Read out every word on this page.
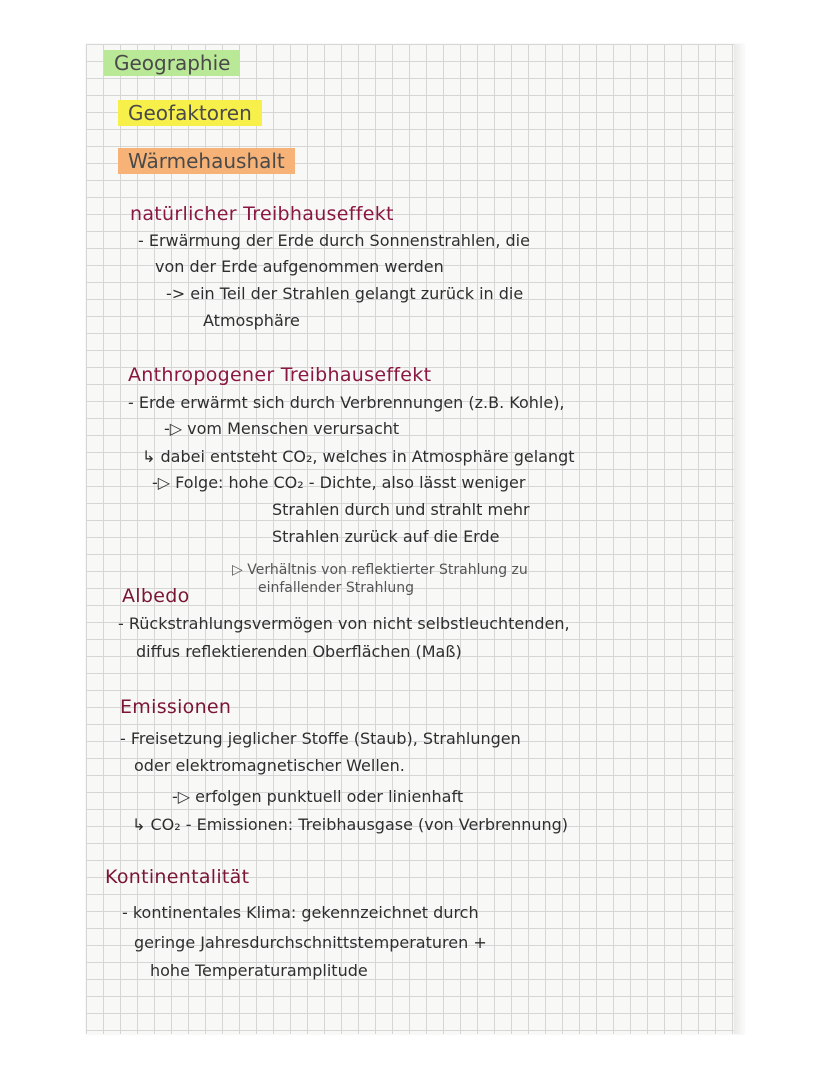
Geographie
Geofaktoren
Wärmehaushalt
natürlicher Treibhauseffekt
- Erwärmung der Erde durch Sonnenstrahlen, die
von der Erde aufgenommen werden
-> ein Teil der Strahlen gelangt zurück in die
Atmosphäre
Anthropogener Treibhauseffekt
- Erde erwärmt sich durch Verbrennungen (z.B. Kohle),
-▷ vom Menschen verursacht
↳ dabei entsteht CO₂, welches in Atmosphäre gelangt
-▷ Folge: hohe CO₂ - Dichte, also lässt weniger
Strahlen durch und strahlt mehr
Strahlen zurück auf die Erde
▷ Verhältnis von reflektierter Strahlung zu
einfallender Strahlung
Albedo
- Rückstrahlungsvermögen von nicht selbstleuchtenden,
diffus reflektierenden Oberflächen (Maß)
Emissionen
- Freisetzung jeglicher Stoffe (Staub), Strahlungen
oder elektromagnetischer Wellen.
-▷ erfolgen punktuell oder linienhaft
↳ CO₂ - Emissionen: Treibhausgase (von Verbrennung)
Kontinentalität
- kontinentales Klima: gekennzeichnet durch
geringe Jahresdurchschnittstemperaturen +
hohe Temperaturamplitude
